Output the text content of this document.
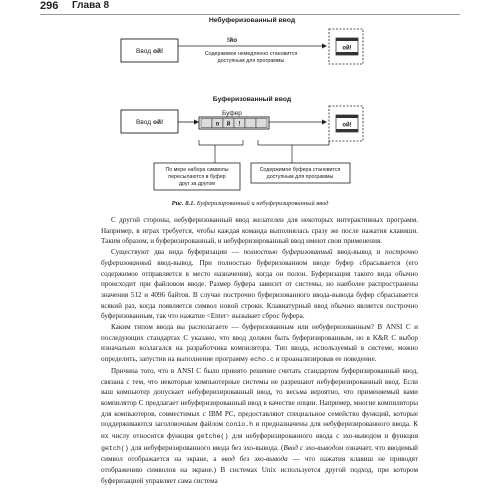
296 Глава 8
Небуферизованный ввод
Ввод ой!
!йо
Содержимое немедленно становится
доступным для программы
ой!
Буферизованный ввод
Ввод ой!
Буфер
о й !	ой!
По мере набора символы
пересылаются в буфер
друг за другом
Содержимое буфера становится
доступным для программы
Рис. 8.1. Буферизированный и небуферизированный ввод

С другой стороны, небуферизованный ввод желателен для некоторых интерактивных программ. Например, в играх требуется, чтобы каждая команда выполнялась сразу же после нажатия клавиши. Таким образом, и буферизированный, и небуферизированный ввод имеют свои применения.

Существуют два вида буферизации — полностью буферизованный ввод-вывод и построчно буферизованный ввод-вывод. При полностью буферизованном вводе буфер сбрасывается (его содержимое отправляется в место назначения), когда он полон. Буферизация такого вида обычно происходит при файловом вводе. Размер буфера зависит от системы, но наиболее распространены значения 512 и 4096 байтов. В случае построчно буферизованного ввода-вывода буфер сбрасывается всякий раз, когда появляется символ новой строки. Клавиатурный ввод обычно является построчно буферизованным, так что нажатие <Enter> вызывает сброс буфера.

Каким типом ввода вы располагаете — буферизованным или небуферизованным? В ANSI C и последующих стандартах C указано, что ввод должен быть буферизированным, но в K&R C выбор изначально возлагался на разработчика компилятора. Тип ввода, используемый в системе, можно определить, запустив на выполнение программу echo.c и проанализировав ее поведение.

Причина того, что в ANSI C было принято решение считать стандартом буферизированный ввод, связана с тем, что некоторые компьютерные системы не разрешают небуферизированный ввод. Если ваш компьютер допускает небуферизированный ввод, то весьма вероятно, что применяемый вами компилятор C предлагает небуферизированный ввод в качестве опции. Например, многие компиляторы для компьютеров, совместимых с IBM PC, предоставляют специальное семейство функций, которые поддерживаются заголовочным файлом conio.h и предназначены для небуферизированного ввода. К их числу относится функция getche() для небуферизированного ввода с эхо-выводом и функция getch() для небуферизированного ввода без эхо-вывода. (Ввод с эхо-выводом означает, что вводимый символ отображается на экране, а ввод без эхо-вывода — что нажатия клавиш не приводят отображению символов на экране.) В системах Unix используется другой подход, при котором буферизацией управляет сама система
